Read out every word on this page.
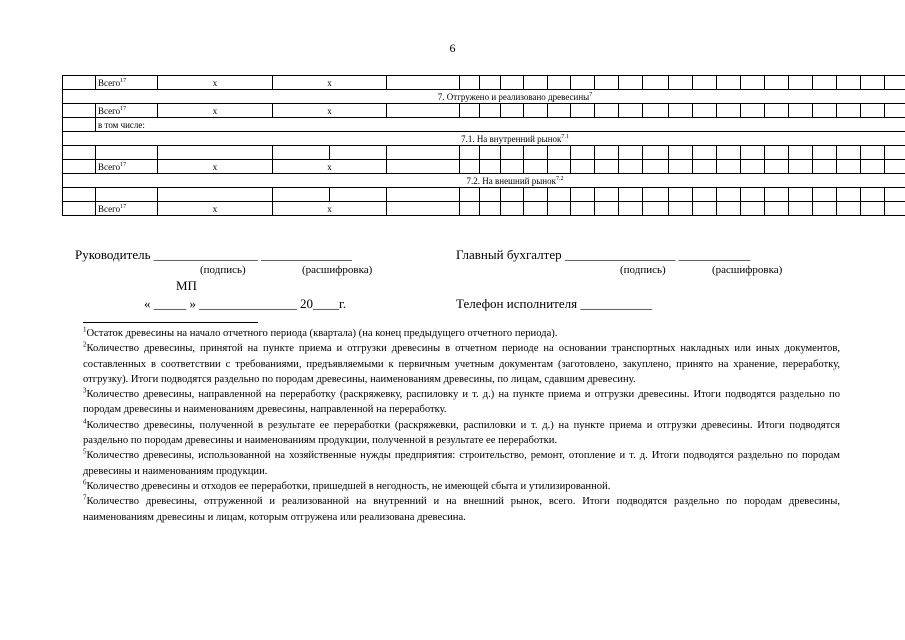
6
	Всего$^{17}$	х	х																						
7. Отгружено и реализовано древесины$^7$
	Всего$^{17}$	х	х																						
	в том числе:																								
7.1. На внутренний рынок$^{7.1}$

	Всего$^{17}$	х	х																						
7.2. На внешний рынок$^{7.2}$

	Всего$^{17}$	х	х																						
Руководитель ________________ ______________
(подпись)	(расшифровка)
Главный бухгалтер _________________ ___________
(подпись)	(расшифровка)
МП
« _____ » _______________ 20____г.	Телефон исполнителя ___________

$^1$Остаток древесины на начало отчетного периода (квартала) (на конец предыдущего отчетного периода).

$^2$Количество древесины, принятой на пункте приема и отгрузки древесины в отчетном периоде на основании транспортных накладных или иных документов, составленных в соответствии с требованиями, предъявляемыми к первичным учетным документам (заготовлено, закуплено, принято на хранение, переработку, отгрузку). Итоги подводятся раздельно по породам древесины, наименованиям древесины, по лицам, сдавшим древесину.

$^3$Количество древесины, направленной на переработку (раскряжевку, распиловку и т. д.) на пункте приема и отгрузки древесины. Итоги подводятся раздельно по породам древесины и наименованиям древесины, направленной на переработку.

$^4$Количество древесины, полученной в результате ее переработки (раскряжевки, распиловки и т. д.) на пункте приема и отгрузки древесины. Итоги подводятся раздельно по породам древесины и наименованиям продукции, полученной в результате ее переработки.

$^5$Количество древесины, использованной на хозяйственные нужды предприятия: строительство, ремонт, отопление и т. д. Итоги подводятся раздельно по породам древесины и наименованиям продукции.

$^6$Количество древесины и отходов ее переработки, пришедшей в негодность, не имеющей сбыта и утилизированной.

$^7$Количество древесины, отгруженной и реализованной на внутренний и на внешний рынок, всего. Итоги подводятся раздельно по породам древесины, наименованиям древесины и лицам, которым отгружена или реализована древесина.
